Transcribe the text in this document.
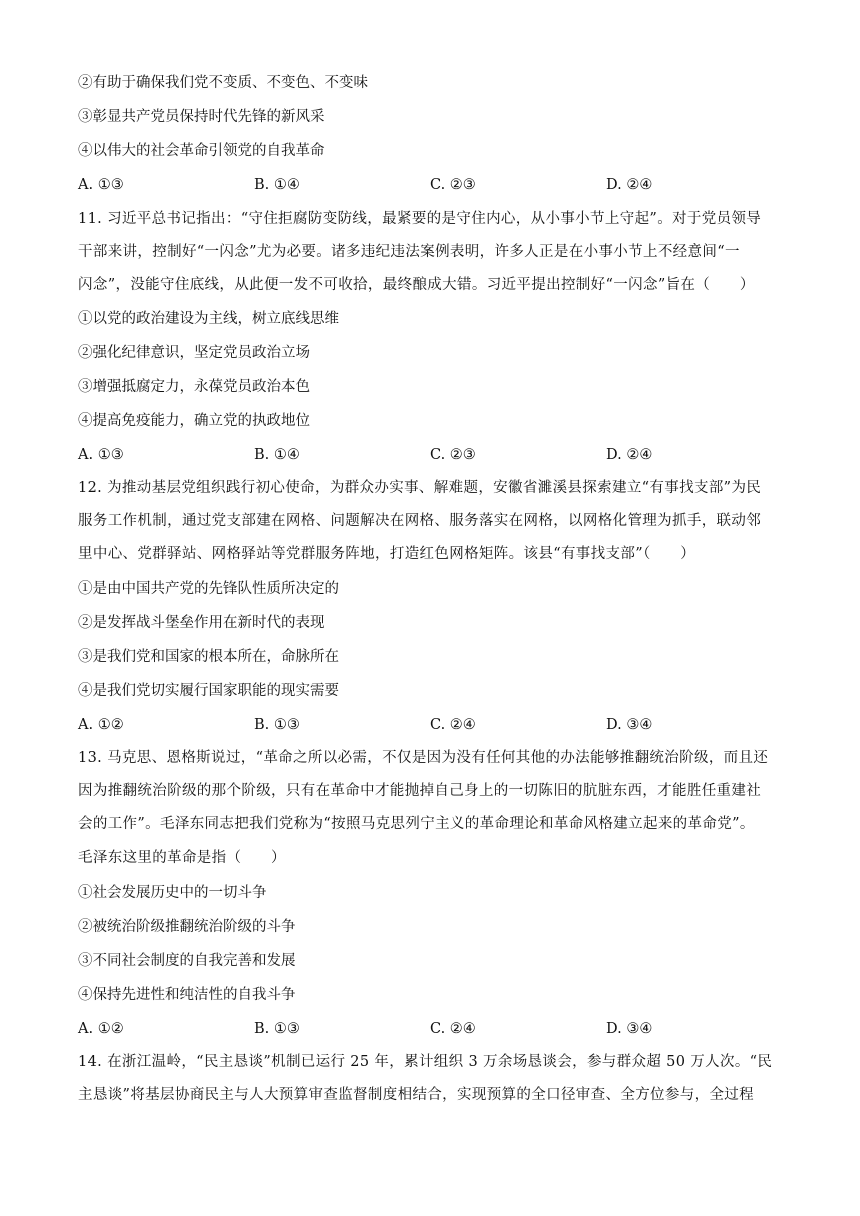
②有助于确保我们党不变质、不变色、不变味
③彰显共产党员保持时代先锋的新风采
④以伟大的社会革命引领党的自我革命
A. ①③	B. ①④	C. ②③	D. ②④
11. 习近平总书记指出：“守住拒腐防变防线，最紧要的是守住内心，从小事小节上守起”。对于党员领导
干部来讲，控制好“一闪念”尤为必要。诸多违纪违法案例表明，许多人正是在小事小节上不经意间“一
闪念”，没能守住底线，从此便一发不可收拾，最终酿成大错。习近平提出控制好“一闪念”旨在（　　）
①以党的政治建设为主线，树立底线思维
②强化纪律意识，坚定党员政治立场
③增强抵腐定力，永葆党员政治本色
④提高免疫能力，确立党的执政地位
A. ①③	B. ①④	C. ②③	D. ②④
12. 为推动基层党组织践行初心使命，为群众办实事、解难题，安徽省濉溪县探索建立“有事找支部”为民
服务工作机制，通过党支部建在网格、问题解决在网格、服务落实在网格，以网格化管理为抓手，联动邻
里中心、党群驿站、网格驿站等党群服务阵地，打造红色网格矩阵。该县“有事找支部”（　　）
①是由中国共产党的先锋队性质所决定的
②是发挥战斗堡垒作用在新时代的表现
③是我们党和国家的根本所在，命脉所在
④是我们党切实履行国家职能的现实需要
A. ①②	B. ①③	C. ②④	D. ③④
13. 马克思、恩格斯说过，“革命之所以必需，不仅是因为没有任何其他的办法能够推翻统治阶级，而且还
因为推翻统治阶级的那个阶级，只有在革命中才能抛掉自己身上的一切陈旧的肮脏东西，才能胜任重建社
会的工作”。毛泽东同志把我们党称为“按照马克思列宁主义的革命理论和革命风格建立起来的革命党”。
毛泽东这里的革命是指（　　）
①社会发展历史中的一切斗争
②被统治阶级推翻统治阶级的斗争
③不同社会制度的自我完善和发展
④保持先进性和纯洁性的自我斗争
A. ①②	B. ①③	C. ②④	D. ③④
14. 在浙江温岭，“民主恳谈”机制已运行 25 年，累计组织 3 万余场恳谈会，参与群众超 50 万人次。“民
主恳谈”将基层协商民主与人大预算审查监督制度相结合，实现预算的全口径审查、全方位参与，全过程
